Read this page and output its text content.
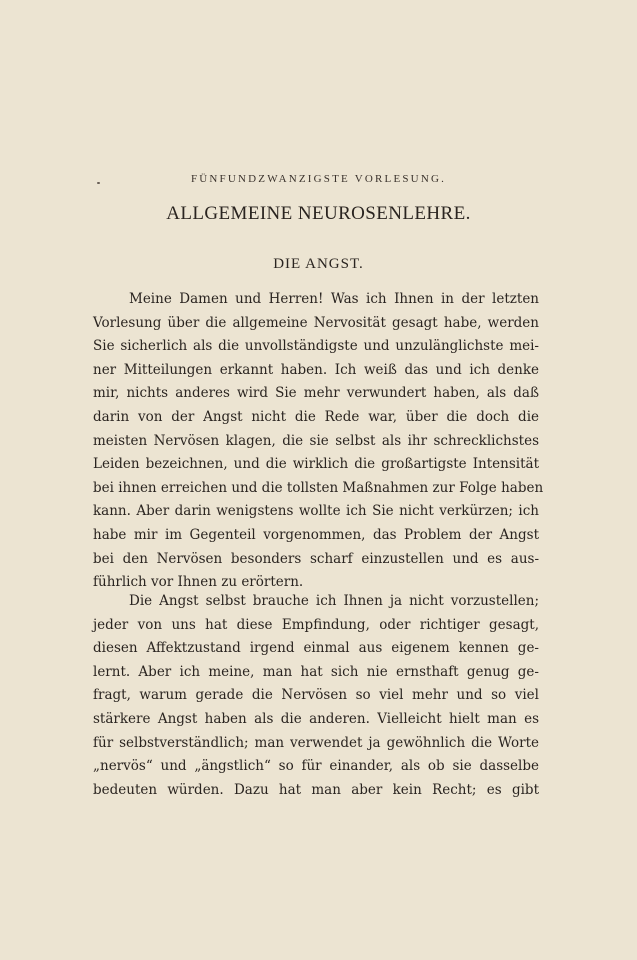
FÜNFUNDZWANZIGSTE VORLESUNG.
ALLGEMEINE NEUROSENLEHRE.
DIE ANGST.
Meine Damen und Herren! Was ich Ihnen in der letzten
Vorlesung über die allgemeine Nervosität gesagt habe, werden
Sie sicherlich als die unvollständigste und unzulänglichste mei-
ner Mitteilungen erkannt haben. Ich weiß das und ich denke
mir, nichts anderes wird Sie mehr verwundert haben, als daß
darin von der Angst nicht die Rede war, über die doch die
meisten Nervösen klagen, die sie selbst als ihr schrecklichstes
Leiden bezeichnen, und die wirklich die großartigste Intensität
bei ihnen erreichen und die tollsten Maßnahmen zur Folge haben
kann. Aber darin wenigstens wollte ich Sie nicht verkürzen; ich
habe mir im Gegenteil vorgenommen, das Problem der Angst
bei den Nervösen besonders scharf einzustellen und es aus-
führlich vor Ihnen zu erörtern.
Die Angst selbst brauche ich Ihnen ja nicht vorzustellen;
jeder von uns hat diese Empfindung, oder richtiger gesagt,
diesen Affektzustand irgend einmal aus eigenem kennen ge-
lernt. Aber ich meine, man hat sich nie ernsthaft genug ge-
fragt, warum gerade die Nervösen so viel mehr und so viel
stärkere Angst haben als die anderen. Vielleicht hielt man es
für selbstverständlich; man verwendet ja gewöhnlich die Worte
„nervös“ und „ängstlich“ so für einander, als ob sie dasselbe
bedeuten würden. Dazu hat man aber kein Recht; es gibt
